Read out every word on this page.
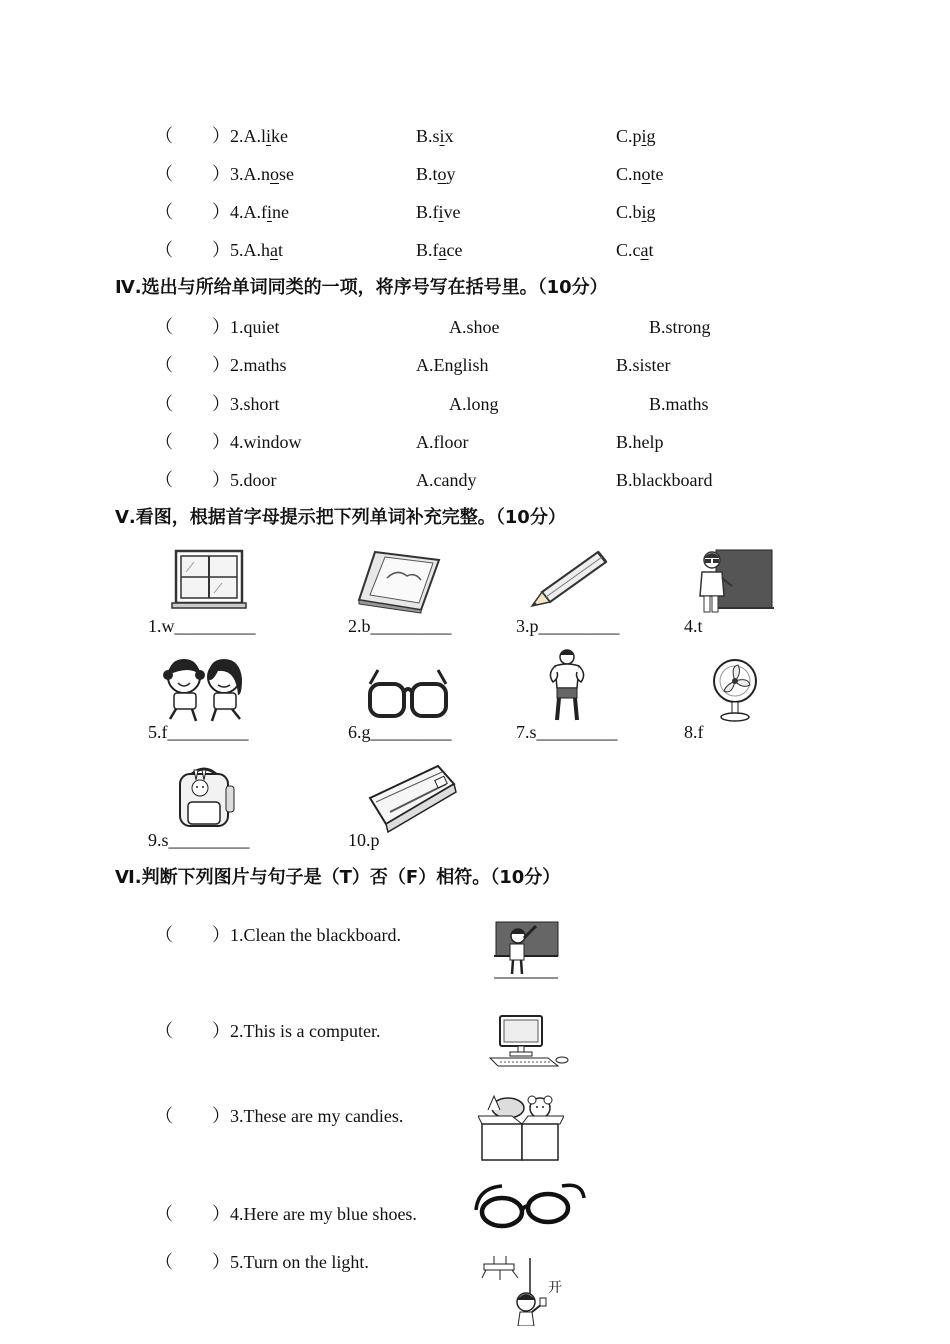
（ ）2.A.like	B.six	C.pig
（ ）3.A.nose	B.toy	C.note
（ ）4.A.fine	B.five	C.big
（ ）5.A.hat	B.face	C.cat
Ⅳ.选出与所给单词同类的一项，将序号写在括号里。（10分）
（ ）1.quiet	A.shoe	B.strong
（ ）2.maths	A.English	B.sister
（ ）3.short	A.long	B.maths
（ ）4.window	A.floor	B.help
（ ）5.door	A.candy	B.blackboard
Ⅴ.看图，根据首字母提示把下列单词补充完整。（10分）
1.w_________	2.b_________	3.p_________	4.t
5.f_________	6.g_________	7.s_________	8.f
9.s_________	10.p
Ⅵ.判断下列图片与句子是（T）否（F）相符。（10分）
（ ）1.Clean the blackboard.
（ ）2.This is a computer.
（ ）3.These are my candies.
（ ）4.Here are my blue shoes.
（ ）5.Turn on the light.
开
